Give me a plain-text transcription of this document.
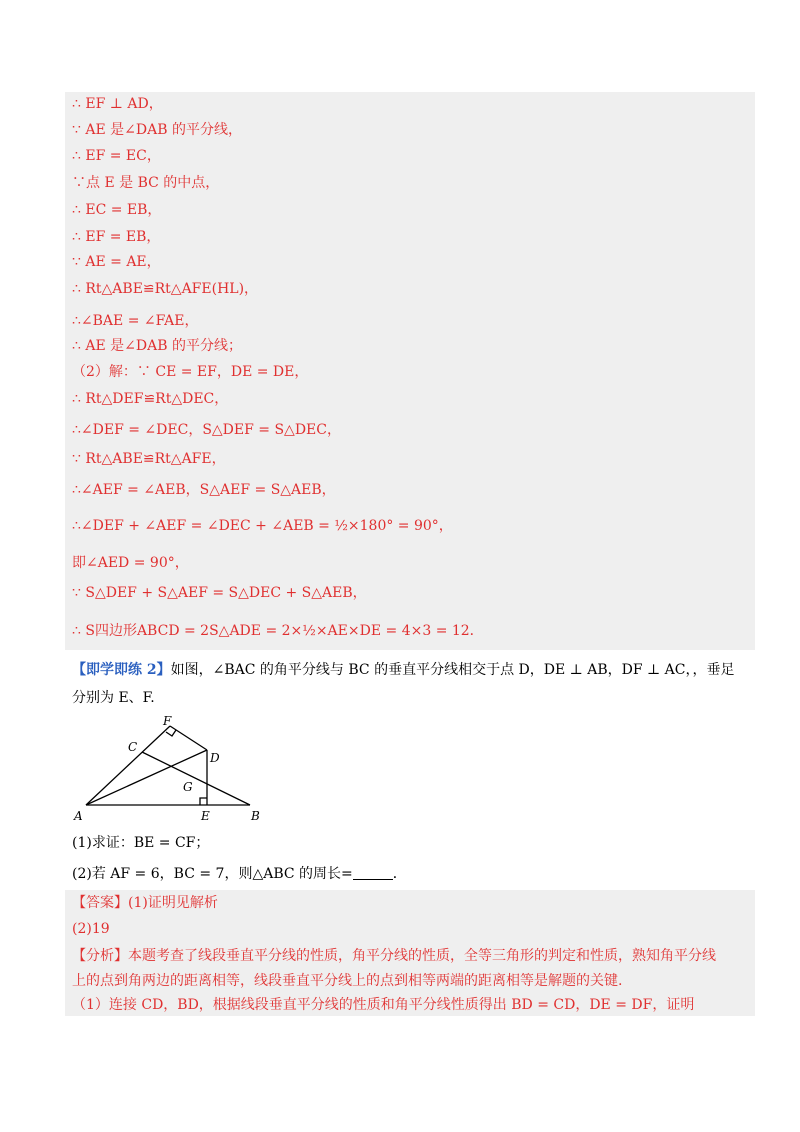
∴ EF ⊥ AD，
∵ AE 是∠DAB 的平分线，
∴ EF = EC，
∵点 E 是 BC 的中点，
∴ EC = EB，
∴ EF = EB，
∵ AE = AE，
∴ Rt△ABE≌Rt△AFE(HL)，
∴∠BAE = ∠FAE，
∴ AE 是∠DAB 的平分线；
（2）解：∵ CE = EF，DE = DE，
∴ Rt△DEF≌Rt△DEC，
∴∠DEF = ∠DEC，S△DEF = S△DEC，
∵ Rt△ABE≌Rt△AFE，
∴∠AEF = ∠AEB，S△AEF = S△AEB，
∴∠DEF + ∠AEF = ∠DEC + ∠AEB = ½×180° = 90°，
即∠AED = 90°，
∵ S△DEF + S△AEF = S△DEC + S△AEB，
∴ S四边形ABCD = 2S△ADE = 2×½×AE×DE = 4×3 = 12．
【即学即练 2】如图，∠BAC 的角平分线与 BC 的垂直平分线相交于点 D，DE ⊥ AB，DF ⊥ AC，，垂足
分别为 E、F.
F
C
D
G
A	E	B
(1)求证：BE = CF；
(2)若 AF = 6，BC = 7，则△ABC 的周长=	．
【答案】(1)证明见解析
(2)19
【分析】本题考查了线段垂直平分线的性质，角平分线的性质，全等三角形的判定和性质，熟知角平分线
上的点到角两边的距离相等，线段垂直平分线上的点到相等两端的距离相等是解题的关键.
（1）连接 CD，BD，根据线段垂直平分线的性质和角平分线性质得出 BD = CD，DE = DF，证明
